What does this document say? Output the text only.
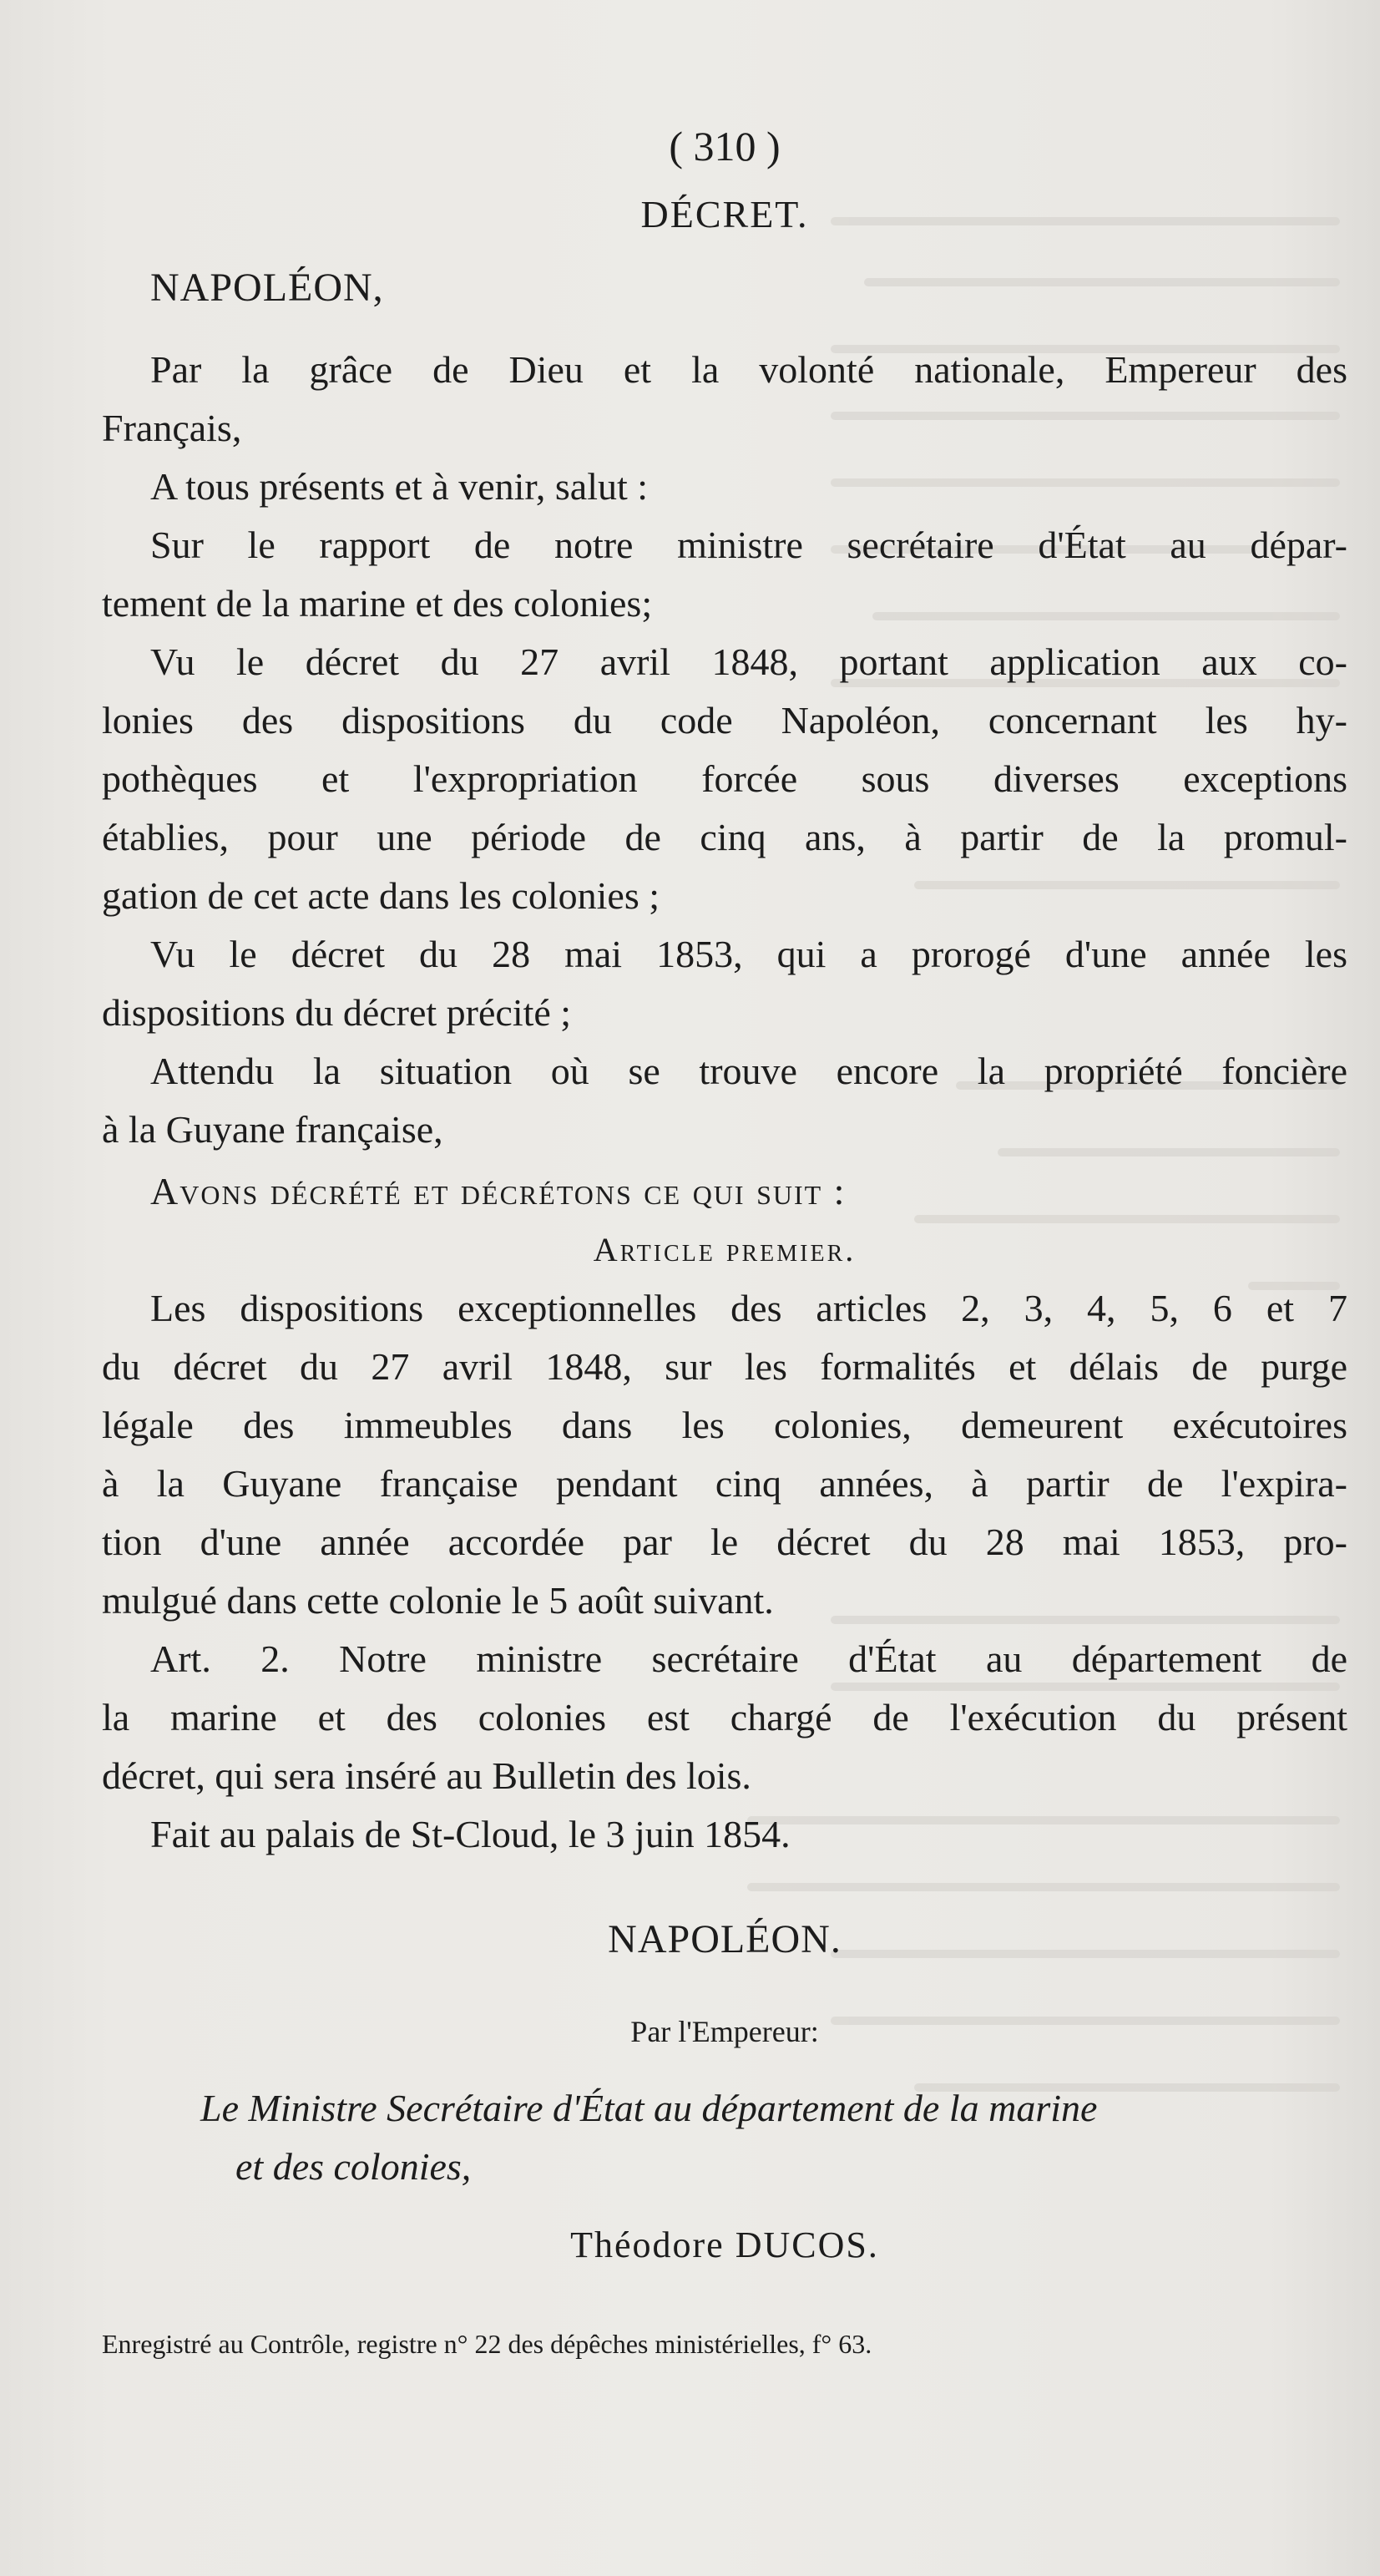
( 310 )
DÉCRET.
NAPOLÉON,
Par la grâce de Dieu et la volonté nationale, Empereur des
Français,
A tous présents et à venir, salut :
Sur le rapport de notre ministre secrétaire d'État au dépar-
tement de la marine et des colonies;
Vu le décret du 27 avril 1848, portant application aux co-
lonies des dispositions du code Napoléon, concernant les hy-
pothèques et l'expropriation forcée sous diverses exceptions
établies, pour une période de cinq ans, à partir de la promul-
gation de cet acte dans les colonies ;
Vu le décret du 28 mai 1853, qui a prorogé d'une année les
dispositions du décret précité ;
Attendu la situation où se trouve encore la propriété foncière
à la Guyane française,
Avons décrété et décrétons ce qui suit :
Article premier.
Les dispositions exceptionnelles des articles 2, 3, 4, 5, 6 et 7
du décret du 27 avril 1848, sur les formalités et délais de purge
légale des immeubles dans les colonies, demeurent exécutoires
à la Guyane française pendant cinq années, à partir de l'expira-
tion d'une année accordée par le décret du 28 mai 1853, pro-
mulgué dans cette colonie le 5 août suivant.
Art. 2. Notre ministre secrétaire d'État au département de
la marine et des colonies est chargé de l'exécution du présent
décret, qui sera inséré au Bulletin des lois.
Fait au palais de St-Cloud, le 3 juin 1854.
NAPOLÉON.
Par l'Empereur:
Le Ministre Secrétaire d'État au département de la marine
et des colonies,
Théodore DUCOS.
Enregistré au Contrôle, registre n° 22 des dépêches ministérielles, f° 63.
